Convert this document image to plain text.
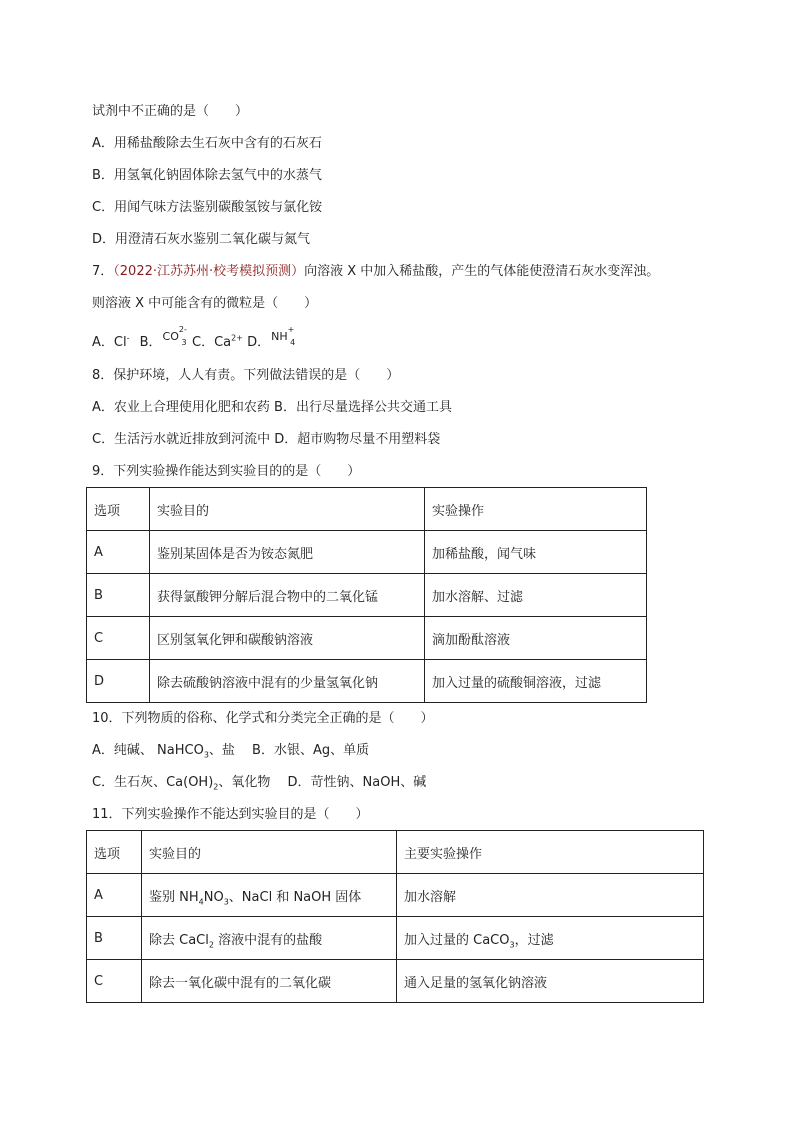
试剂中不正确的是（　　）
A．用稀盐酸除去生石灰中含有的石灰石
B．用氢氧化钠固体除去氢气中的水蒸气
C．用闻气味方法鉴别碳酸氢铵与氯化铵
D．用澄清石灰水鉴别二氧化碳与氮气
7．（2022·江苏苏州·校考模拟预测）向溶液 X 中加入稀盐酸，产生的气体能使澄清石灰水变浑浊。
则溶液 X 中可能含有的微粒是（　　）
A．Cl- B．$CO^{2-}$
3 C．$Ca^{2+}$ D．NH+
4
8．保护环境，人人有责。下列做法错误的是（　　）
A．农业上合理使用化肥和农药 B．出行尽量选择公共交通工具
C．生活污水就近排放到河流中 D．超市购物尽量不用塑料袋
9．下列实验操作能达到实验目的的是（　　）
选项	实验目的	实验操作
A	鉴别某固体是否为铵态氮肥	加稀盐酸，闻气味
B	获得氯酸钾分解后混合物中的二氧化锰	加水溶解、过滤
C	区别氢氧化钾和碳酸钠溶液	滴加酚酞溶液
D	除去硫酸钠溶液中混有的少量氢氧化钠	加入过量的硫酸铜溶液，过滤
10．下列物质的俗称、化学式和分类完全正确的是（　　）
A．纯碱、 NaHCO$_3$、盐 　B．水银、Ag、单质
C．生石灰、$Ca(OH)_2$、氧化物 　D．苛性钠、NaOH、碱
11．下列实验操作不能达到实验目的是（　　）
选项	实验目的	主要实验操作
A	鉴别 $NH_4NO_3$、NaCl 和 NaOH 固体	加水溶解
B	除去 CaCl$_2$ 溶液中混有的盐酸	加入过量的 CaCO$_3$，过滤
C	除去一氧化碳中混有的二氧化碳	通入足量的氢氧化钠溶液
